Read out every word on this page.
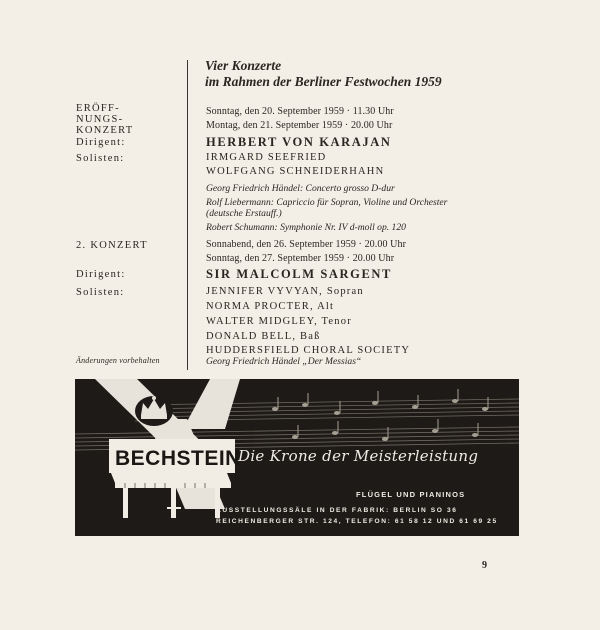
Vier Konzerte
im Rahmen der Berliner Festwochen 1959
ERÖFF-
NUNGS-
KONZERT
Dirigent:
Solisten:
Sonntag, den 20. September 1959 · 11.30 Uhr
Montag, den 21. September 1959 · 20.00 Uhr
HERBERT VON KARAJAN
IRMGARD SEEFRIED
WOLFGANG SCHNEIDERHAHN
Georg Friedrich Händel: Concerto grosso D-dur
Rolf Liebermann: Capriccio für Sopran, Violine und Orchester
(deutsche Erstauff.)
Robert Schumann: Symphonie Nr. IV d-moll op. 120
2. KONZERT
Dirigent:
Solisten:
Sonnabend, den 26. September 1959 · 20.00 Uhr
Sonntag, den 27. September 1959 · 20.00 Uhr
SIR MALCOLM SARGENT
JENNIFER VYVYAN, Sopran
NORMA PROCTER, Alt
WALTER MIDGLEY, Tenor
DONALD BELL, Baß
HUDDERSFIELD CHORAL SOCIETY
Änderungen vorbehalten	Georg Friedrich Händel „Der Messias“
BECHSTEIN
Die Krone der Meisterleistung
FLÜGEL UND PIANINOS
AUSSTELLUNGSSÄLE IN DER FABRIK: BERLIN SO 36
REICHENBERGER STR. 124, TELEFON: 61 58 12 UND 61 69 25
9
